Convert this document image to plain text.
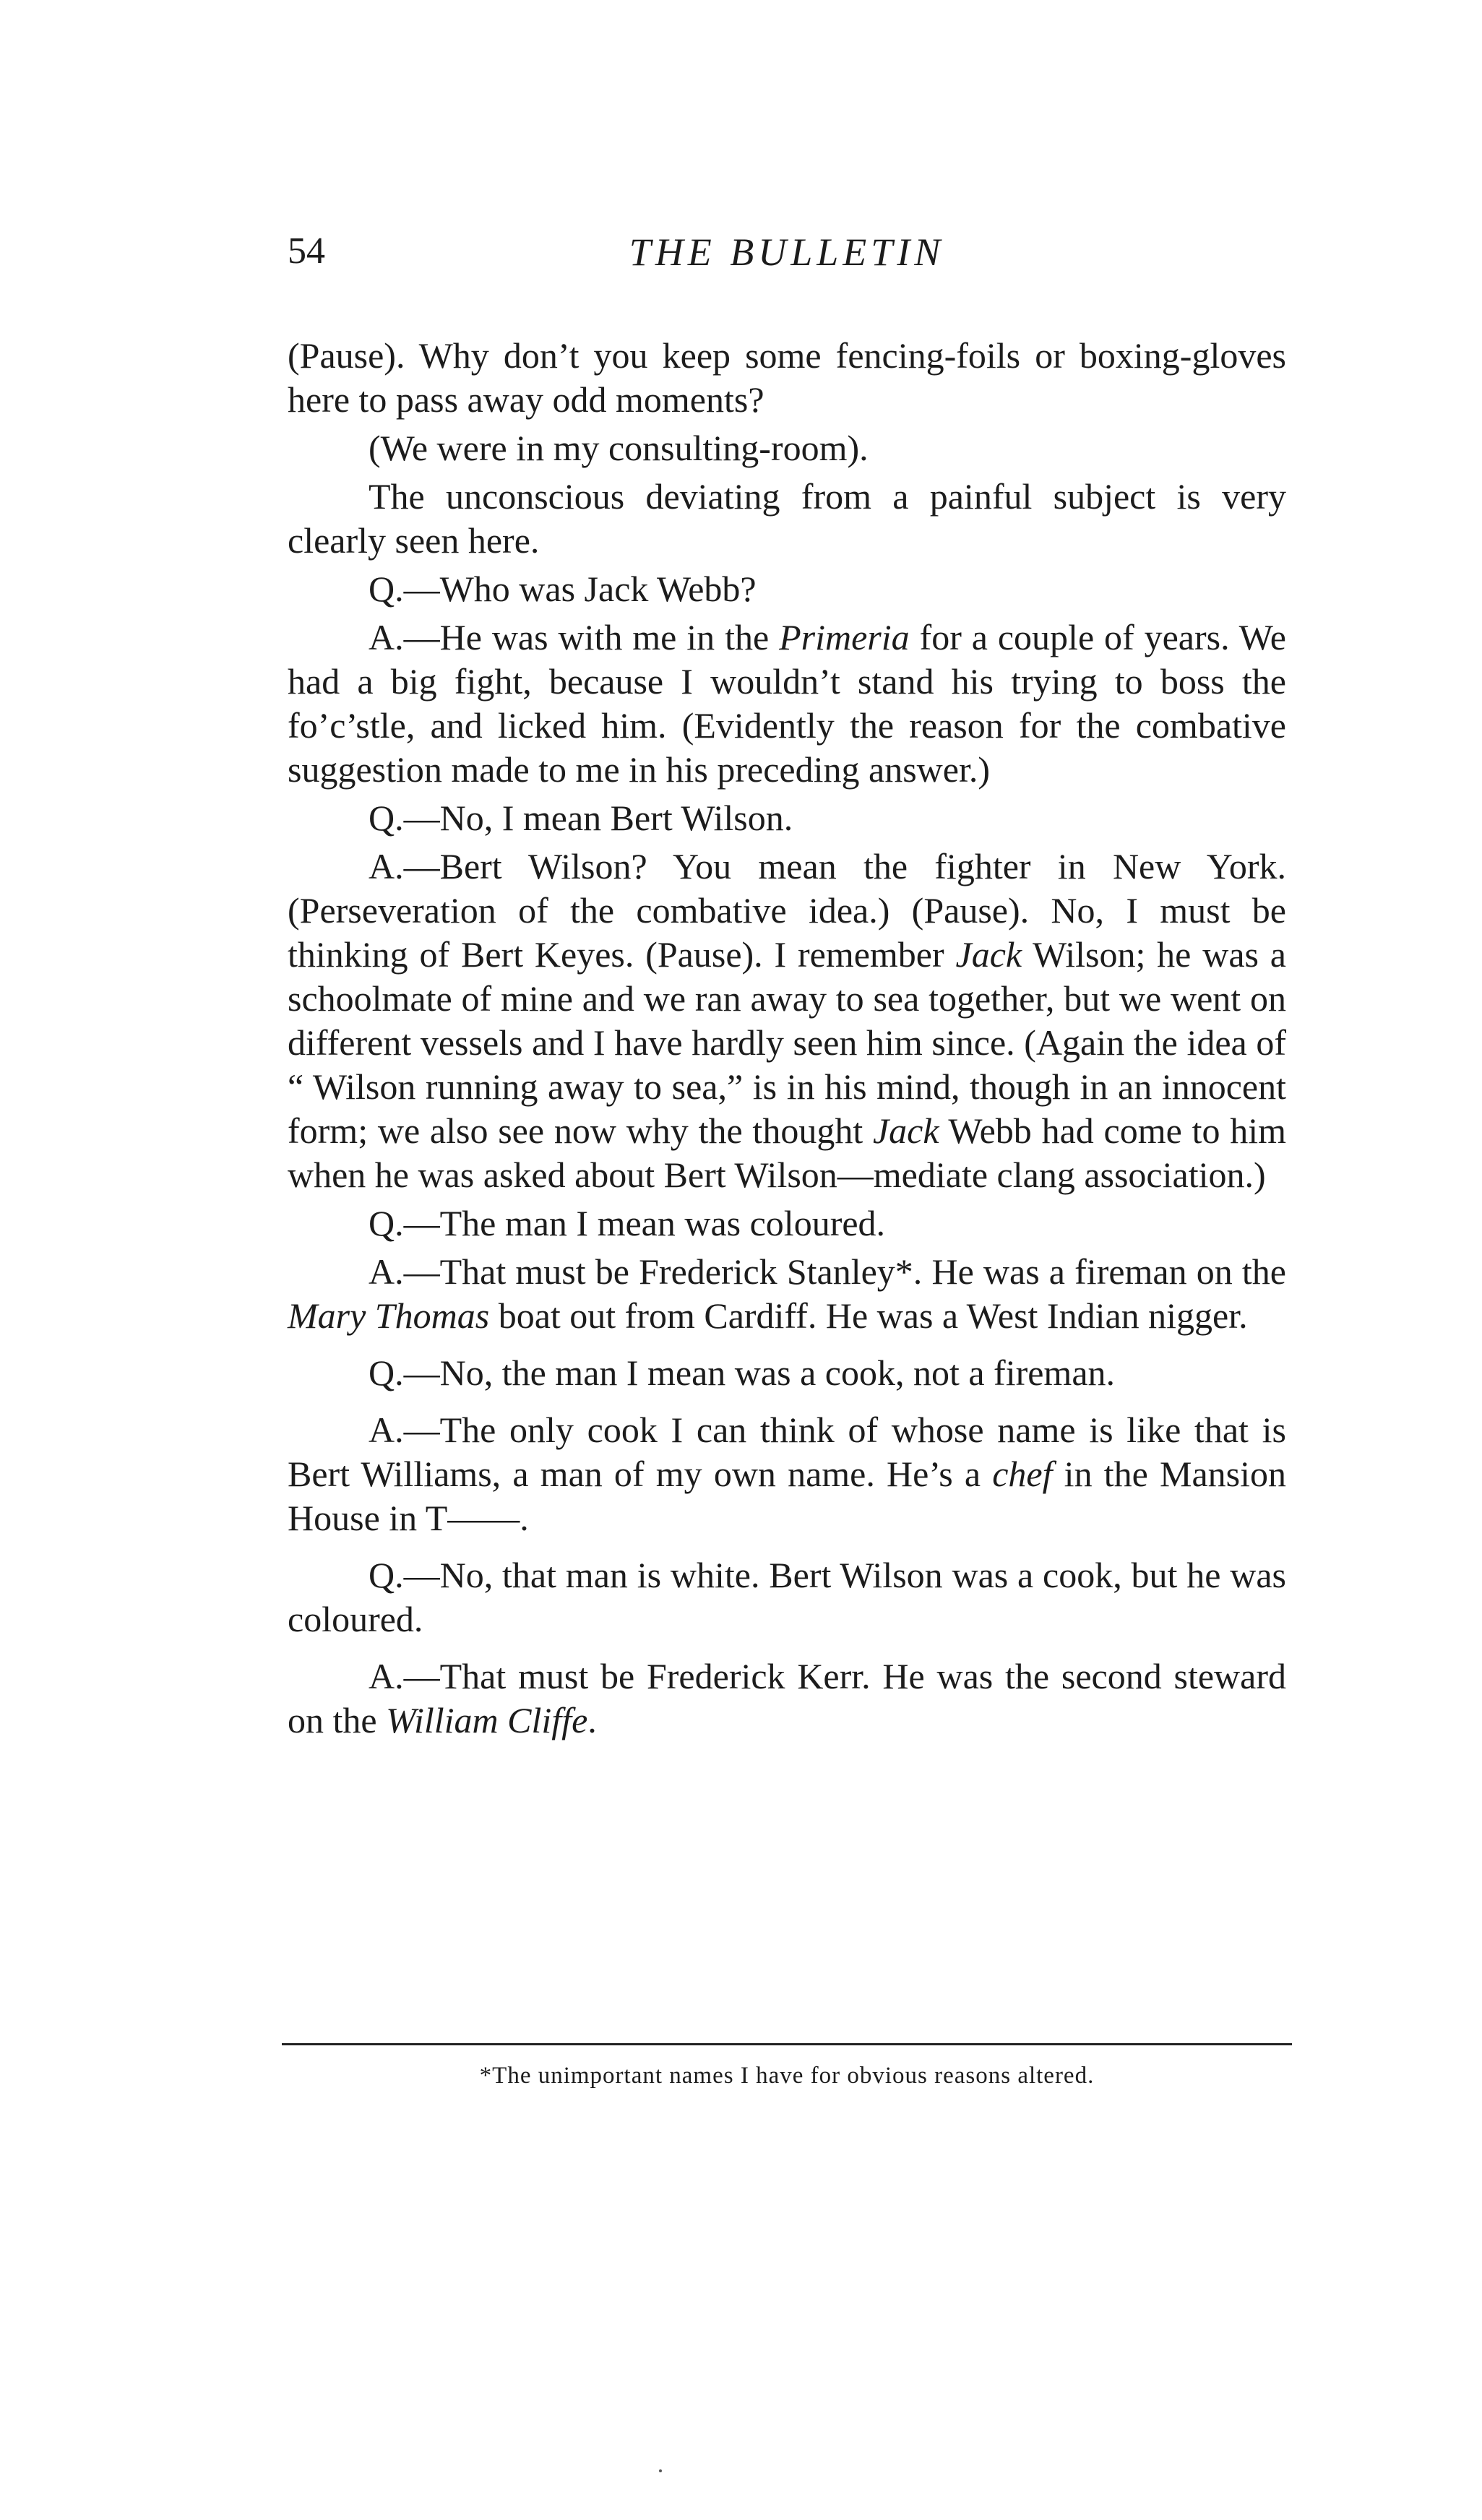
54	THE BULLETIN

(Pause). Why don’t you keep some fencing-foils or boxing-gloves here to pass away odd moments?

(We were in my consulting-room).

The unconscious deviating from a painful subject is very clearly seen here.

Q.—Who was Jack Webb?

A.—He was with me in the Primeria for a couple of years. We had a big fight, because I wouldn’t stand his trying to boss the fo’c’stle, and licked him. (Evidently the reason for the combative suggestion made to me in his preceding answer.)

Q.—No, I mean Bert Wilson.

A.—Bert Wilson? You mean the fighter in New York. (Perseveration of the combative idea.) (Pause). No, I must be thinking of Bert Keyes. (Pause). I remember Jack Wilson; he was a schoolmate of mine and we ran away to sea together, but we went on different vessels and I have hardly seen him since. (Again the idea of “ Wilson running away to sea,” is in his mind, though in an innocent form; we also see now why the thought Jack Webb had come to him when he was asked about Bert Wilson—mediate clang association.)

Q.—The man I mean was coloured.

A.—That must be Frederick Stanley*. He was a fireman on the Mary Thomas boat out from Cardiff. He was a West Indian nigger.

Q.—No, the man I mean was a cook, not a fireman.

A.—The only cook I can think of whose name is like that is Bert Williams, a man of my own name. He’s a chef in the Mansion House in T——.

Q.—No, that man is white. Bert Wilson was a cook, but he was coloured.

A.—That must be Frederick Kerr. He was the second steward on the William Cliffe.

*The unimportant names I have for obvious reasons altered.
